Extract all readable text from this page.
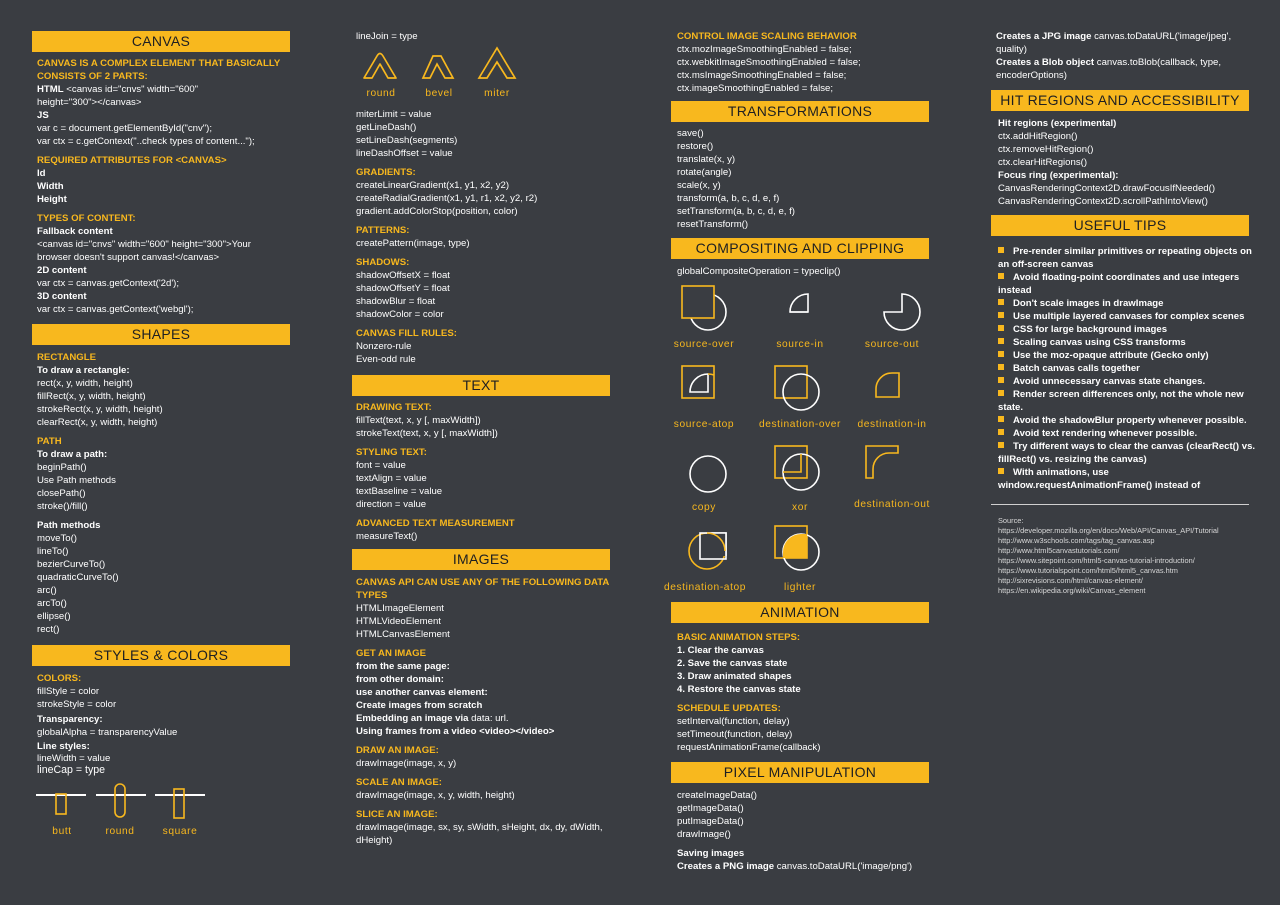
CANVAS
CANVAS IS A COMPLEX ELEMENT THAT BASICALLY
CONSISTS OF 2 PARTS:
HTML <canvas id="cnvs" width="600"
height="300"></canvas>
JS
var c = document.getElementById("cnv");
var ctx = c.getContext("..check types of content...");
REQUIRED ATTRIBUTES FOR <CANVAS>
Id
Width
Height
TYPES OF CONTENT:
Fallback content
<canvas id="cnvs" width="600" height="300">Your
browser doesn't support canvas!</canvas>
2D content
var ctx = canvas.getContext('2d');
3D content
var ctx = canvas.getContext('webgl');
SHAPES
RECTANGLE
To draw a rectangle:
rect(x, y, width, height)
fillRect(x, y, width, height)
strokeRect(x, y, width, height)
clearRect(x, y, width, height)
PATH
To draw a path:
beginPath()
Use Path methods
closePath()
stroke()/fill()
Path methods
moveTo()
lineTo()
bezierCurveTo()
quadraticCurveTo()
arc()
arcTo()
ellipse()
rect()
STYLES & COLORS
COLORS:
fillStyle = color
strokeStyle = color
Transparency:
globalAlpha = transparencyValue
Line styles:
lineWidth = value
lineCap = type
butt	round	square
lineJoin = type
round	bevel	miter
miterLimit = value
getLineDash()
setLineDash(segments)
lineDashOffset = value
GRADIENTS:
createLinearGradient(x1, y1, x2, y2)
createRadialGradient(x1, y1, r1, x2, y2, r2)
gradient.addColorStop(position, color)
PATTERNS:
createPattern(image, type)
SHADOWS:
shadowOffsetX = float
shadowOffsetY = float
shadowBlur = float
shadowColor = color
CANVAS FILL RULES:
Nonzero-rule
Even-odd rule
TEXT
DRAWING TEXT:
fillText(text, x, y [, maxWidth])
strokeText(text, x, y [, maxWidth])
STYLING TEXT:
font = value
textAlign = value
textBaseline = value
direction = value
ADVANCED TEXT MEASUREMENT
measureText()
IMAGES
CANVAS API CAN USE ANY OF THE FOLLOWING DATA
TYPES
HTMLImageElement
HTMLVideoElement
HTMLCanvasElement
GET AN IMAGE
from the same page:
from other domain:
use another canvas element:
Create images from scratch
Embedding an image via data: url.
Using frames from a video <video></video>
DRAW AN IMAGE:
drawImage(image, x, y)
SCALE AN IMAGE:
drawImage(image, x, y, width, height)
SLICE AN IMAGE:
drawImage(image, sx, sy, sWidth, sHeight, dx, dy, dWidth,
dHeight)
CONTROL IMAGE SCALING BEHAVIOR
ctx.mozImageSmoothingEnabled = false;
ctx.webkitImageSmoothingEnabled = false;
ctx.msImageSmoothingEnabled = false;
ctx.imageSmoothingEnabled = false;
TRANSFORMATIONS
save()
restore()
translate(x, y)
rotate(angle)
scale(x, y)
transform(a, b, c, d, e, f)
setTransform(a, b, c, d, e, f)
resetTransform()
COMPOSITING AND CLIPPING
globalCompositeOperation = typeclip()
source-over	source-in	source-out
source-atop	destination-over	destination-in
copy	xor	destination-out
destination-atop	lighter
ANIMATION
BASIC ANIMATION STEPS:
1. Clear the canvas
2. Save the canvas state
3. Draw animated shapes
4. Restore the canvas state
SCHEDULE UPDATES:
setInterval(function, delay)
setTimeout(function, delay)
requestAnimationFrame(callback)
PIXEL MANIPULATION
createImageData()
getImageData()
putImageData()
drawImage()
Saving images
Creates a PNG image canvas.toDataURL('image/png')
Creates a JPG image canvas.toDataURL('image/jpeg',
quality)
Creates a Blob object canvas.toBlob(callback, type,
encoderOptions)
HIT REGIONS AND ACCESSIBILITY
Hit regions (experimental)
ctx.addHitRegion()
ctx.removeHitRegion()
ctx.clearHitRegions()
Focus ring (experimental):
CanvasRenderingContext2D.drawFocusIfNeeded()
CanvasRenderingContext2D.scrollPathIntoView()
USEFUL TIPS
Pre-render similar primitives or repeating objects on
an off-screen canvas
Avoid floating-point coordinates and use integers
instead
Don't scale images in drawImage
Use multiple layered canvases for complex scenes
CSS for large background images
Scaling canvas using CSS transforms
Use the moz-opaque attribute (Gecko only)
Batch canvas calls together
Avoid unnecessary canvas state changes.
Render screen differences only, not the whole new
state.
Avoid the shadowBlur property whenever possible.
Avoid text rendering whenever possible.
Try different ways to clear the canvas (clearRect() vs.
fillRect() vs. resizing the canvas)
With animations, use
window.requestAnimationFrame() instead of
Source:
https://developer.mozilla.org/en/docs/Web/API/Canvas_API/Tutorial
http://www.w3schools.com/tags/tag_canvas.asp
http://www.html5canvastutorials.com/
https://www.sitepoint.com/html5-canvas-tutorial-introduction/
https://www.tutorialspoint.com/html5/html5_canvas.htm
http://sixrevisions.com/html/canvas-element/
https://en.wikipedia.org/wiki/Canvas_element
